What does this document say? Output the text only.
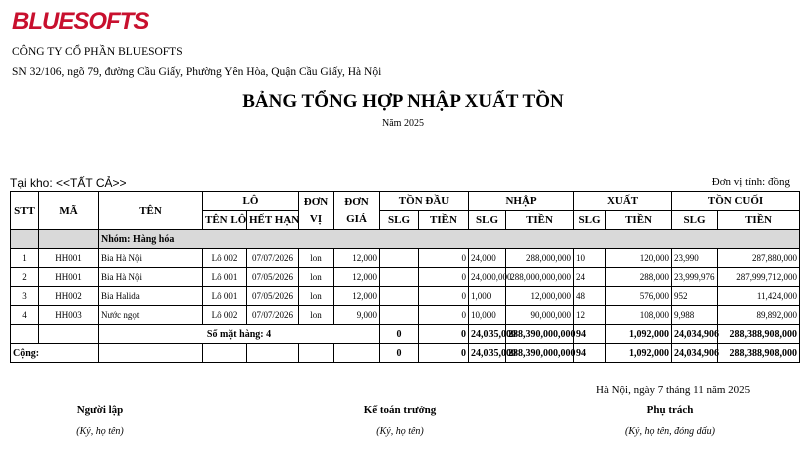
BLUESOFTS
CÔNG TY CỔ PHẦN BLUESOFTS
SN 32/106, ngõ 79, đường Cầu Giấy, Phường Yên Hòa, Quận Cầu Giấy, Hà Nội
BẢNG TỔNG HỢP NHẬP XUẤT TỒN
Năm 2025
Tại kho: <<TẤT CẢ>>	Đơn vị tính: đồng
STT	MÃ	TÊN	LÔ		ĐƠN VỊ	ĐƠN GIÁ	TỒN ĐẦU		NHẬP		XUẤT		TỒN CUỐI	
			TÊN LÔ	HẾT HẠN			SLG	TIỀN	SLG	TIỀN	SLG	TIỀN	SLG	TIỀN
		Nhóm: Hàng hóa												
1	HH001	Bia Hà Nội	Lô 002	07/07/2026	lon	12,000		0	24,000	288,000,000	10	120,000	23,990	287,880,000
2	HH001	Bia Hà Nội	Lô 001	07/05/2026	lon	12,000		0	24,000,000	288,000,000,000	24	288,000	23,999,976	287,999,712,000
3	HH002	Bia Halida	Lô 001	07/05/2026	lon	12,000		0	1,000	12,000,000	48	576,000	952	11,424,000
4	HH003	Nước ngọt	Lô 002	07/07/2026	lon	9,000		0	10,000	90,000,000	12	108,000	9,988	89,892,000
		Số mặt hàng: 4					0	0	24,035,000	288,390,000,000	94	1,092,000	24,034,906	288,388,908,000
Cộng:							0	0	24,035,000	288,390,000,000	94	1,092,000	24,034,906	288,388,908,000
Hà Nội, ngày 7 tháng 11 năm 2025
Người lập
(Ký, họ tên)
Kế toán trưởng
(Ký, họ tên)
Phụ trách
(Ký, họ tên, đóng dấu)
